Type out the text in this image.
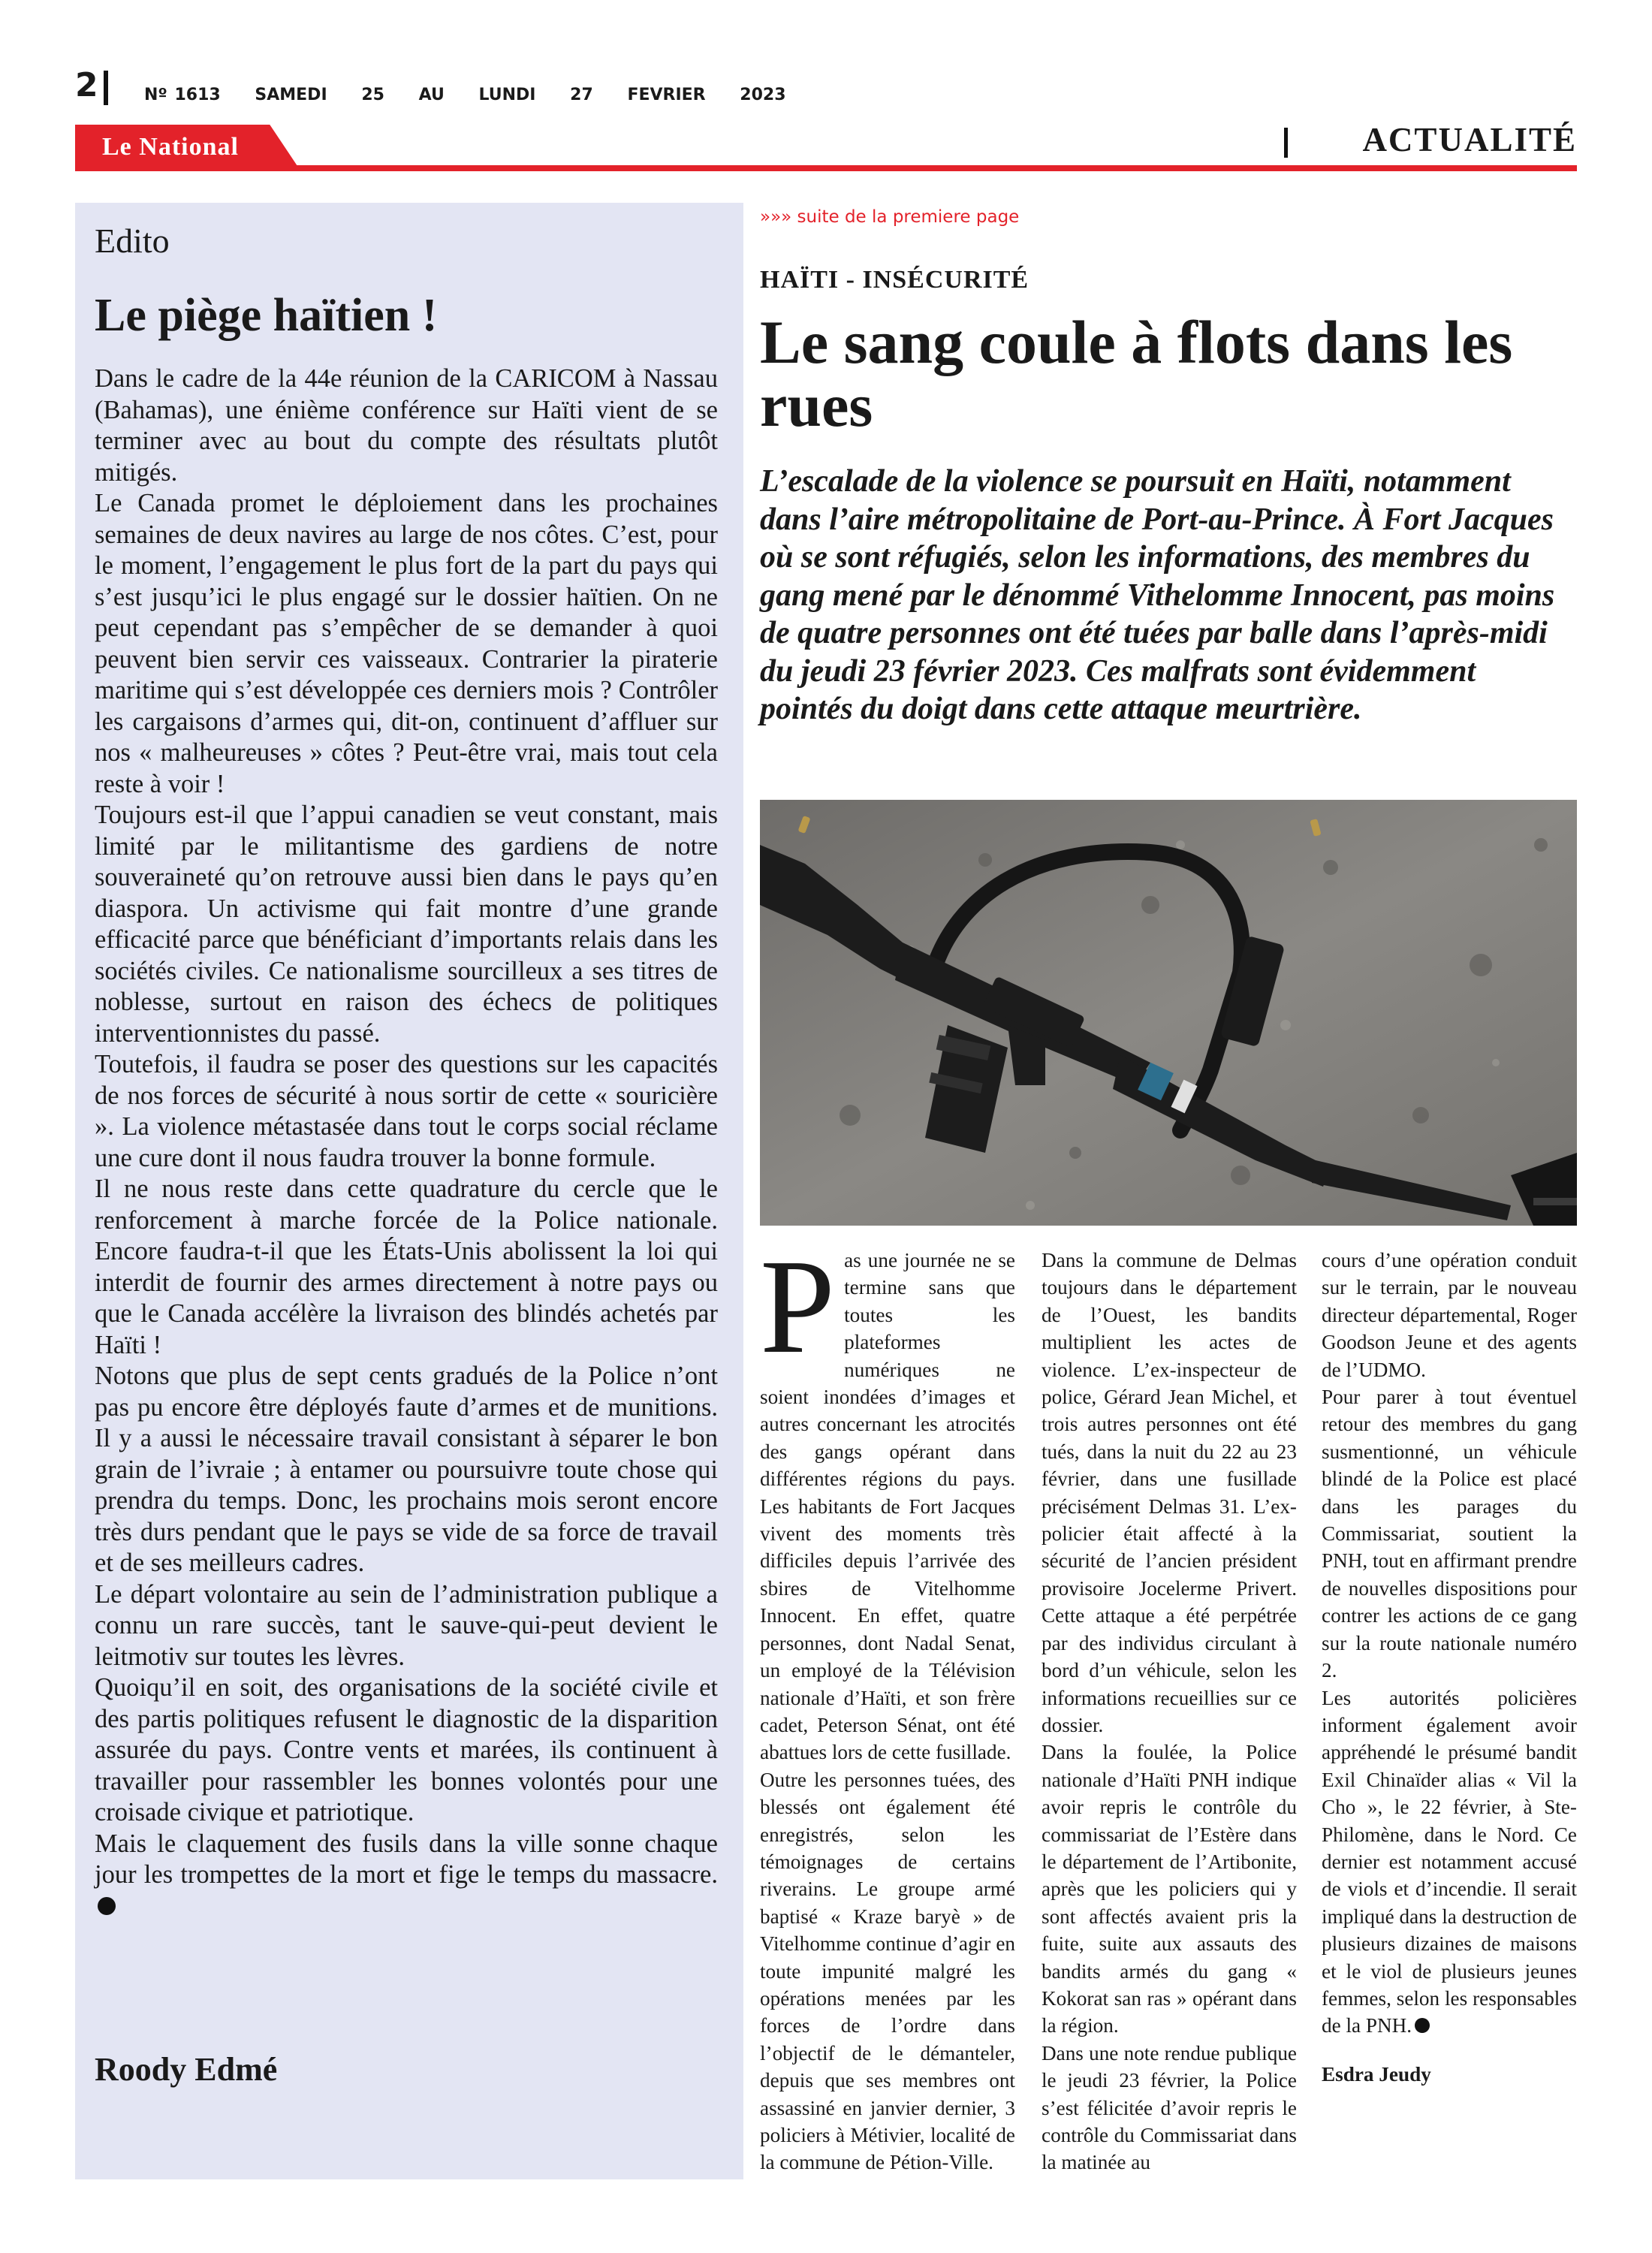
2	Nº 1613 SAMEDI 25 AU LUNDI 27 FEVRIER 2023
Le National	ACTUALITÉ
Edito
Le piège haïtien !

Dans le cadre de la 44e réunion de la CARICOM à Nassau (Bahamas), une énième conférence sur Haïti vient de se terminer avec au bout du compte des résultats plutôt mitigés.

Le Canada promet le déploiement dans les prochaines semaines de deux navires au large de nos côtes. C’est, pour le moment, l’engagement le plus fort de la part du pays qui s’est jusqu’ici le plus engagé sur le dossier haïtien. On ne peut cependant pas s’empêcher de se demander à quoi peuvent bien servir ces vaisseaux. Contrarier la piraterie maritime qui s’est développée ces derniers mois ? Contrôler les cargaisons d’armes qui, dit-on, continuent d’affluer sur nos « malheureuses » côtes ? Peut-être vrai, mais tout cela reste à voir !

Toujours est-il que l’appui canadien se veut constant, mais limité par le militantisme des gardiens de notre souveraineté qu’on retrouve aussi bien dans le pays qu’en diaspora. Un activisme qui fait montre d’une grande efficacité parce que bénéficiant d’importants relais dans les sociétés civiles. Ce nationalisme sourcilleux a ses titres de noblesse, surtout en raison des échecs de politiques interventionnistes du passé.

Toutefois, il faudra se poser des questions sur les capacités de nos forces de sécurité à nous sortir de cette « souricière ». La violence métastasée dans tout le corps social réclame une cure dont il nous faudra trouver la bonne formule.

Il ne nous reste dans cette quadrature du cercle que le renforcement à marche forcée de la Police nationale. Encore faudra-t-il que les États-Unis abolissent la loi qui interdit de fournir des armes directement à notre pays ou que le Canada accélère la livraison des blindés achetés par Haïti !

Notons que plus de sept cents gradués de la Police n’ont pas pu encore être déployés faute d’armes et de munitions. Il y a aussi le nécessaire travail consistant à séparer le bon grain de l’ivraie ; à entamer ou poursuivre toute chose qui prendra du temps. Donc, les prochains mois seront encore très durs pendant que le pays se vide de sa force de travail et de ses meilleurs cadres.

Le départ volontaire au sein de l’administration publique a connu un rare succès, tant le sauve-qui-peut devient le leitmotiv sur toutes les lèvres.

Quoiqu’il en soit, des organisations de la société civile et des partis politiques refusent le diagnostic de la disparition assurée du pays. Contre vents et marées, ils continuent à travailler pour rassembler les bonnes volontés pour une croisade civique et patriotique.

Mais le claquement des fusils dans la ville sonne chaque jour les trompettes de la mort et fige le temps du massacre.

Roody Edmé
»»» suite de la premiere page
HAÏTI - INSÉCURITÉ
Le sang coule à flots dans les rues
L’escalade de la violence se poursuit en Haïti, notamment dans l’aire métropolitaine de Port-au-Prince. À Fort Jacques où se sont réfugiés, selon les informations, des membres du gang mené par le dénommé Vithelomme Innocent, pas moins de quatre personnes ont été tuées par balle dans l’après-midi du jeudi 23 février 2023. Ces malfrats sont évidemment pointés du doigt dans cette attaque meurtrière.

Pas une journée ne se termine sans que toutes les plateformes numériques ne soient inondées d’images et autres concernant les atrocités des gangs opérant dans différentes régions du pays. Les habitants de Fort Jacques vivent des moments très difficiles depuis l’arrivée des sbires de Vitelhomme Innocent. En effet, quatre personnes, dont Nadal Senat, un employé de la Télévision nationale d’Haïti, et son frère cadet, Peterson Sénat, ont été abattues lors de cette fusillade.

Outre les personnes tuées, des blessés ont également été enregistrés, selon les témoignages de certains riverains. Le groupe armé baptisé « Kraze baryè » de Vitelhomme continue d’agir en toute impunité malgré les opérations menées par les forces de l’ordre dans l’objectif de le démanteler, depuis que ses membres ont assassiné en janvier dernier, 3 policiers à Métivier, localité de la commune de Pétion-Ville.

Dans la commune de Delmas toujours dans le département de l’Ouest, les bandits multiplient les actes de violence. L’ex-inspecteur de police, Gérard Jean Michel, et trois autres personnes ont été tués, dans la nuit du 22 au 23 février, dans une fusillade précisément Delmas 31. L’ex-policier était affecté à la sécurité de l’ancien président provisoire Jocelerme Privert. Cette attaque a été perpétrée par des individus circulant à bord d’un véhicule, selon les informations recueillies sur ce dossier.

Dans la foulée, la Police nationale d’Haïti PNH indique avoir repris le contrôle du commissariat de l’Estère dans le département de l’Artibonite, après que les policiers qui y sont affectés avaient pris la fuite, suite aux assauts des bandits armés du gang « Kokorat san ras » opérant dans la région.

Dans une note rendue publique le jeudi 23 février, la Police s’est félicitée d’avoir repris le contrôle du Commissariat dans la matinée au

cours d’une opération conduit sur le terrain, par le nouveau directeur départemental, Roger Goodson Jeune et des agents de l’UDMO.

Pour parer à tout éventuel retour des membres du gang susmentionné, un véhicule blindé de la Police est placé dans les parages du Commissariat, soutient la PNH, tout en affirmant prendre de nouvelles dispositions pour contrer les actions de ce gang sur la route nationale numéro 2.

Les autorités policières informent également avoir appréhendé le présumé bandit Exil Chinaïder alias « Vil la Cho », le 22 février, à Ste-Philomène, dans le Nord. Ce dernier est notamment accusé de viols et d’incendie. Il serait impliqué dans la destruction de plusieurs dizaines de maisons et le viol de plusieurs jeunes femmes, selon les responsables de la PNH.

Esdra Jeudy
